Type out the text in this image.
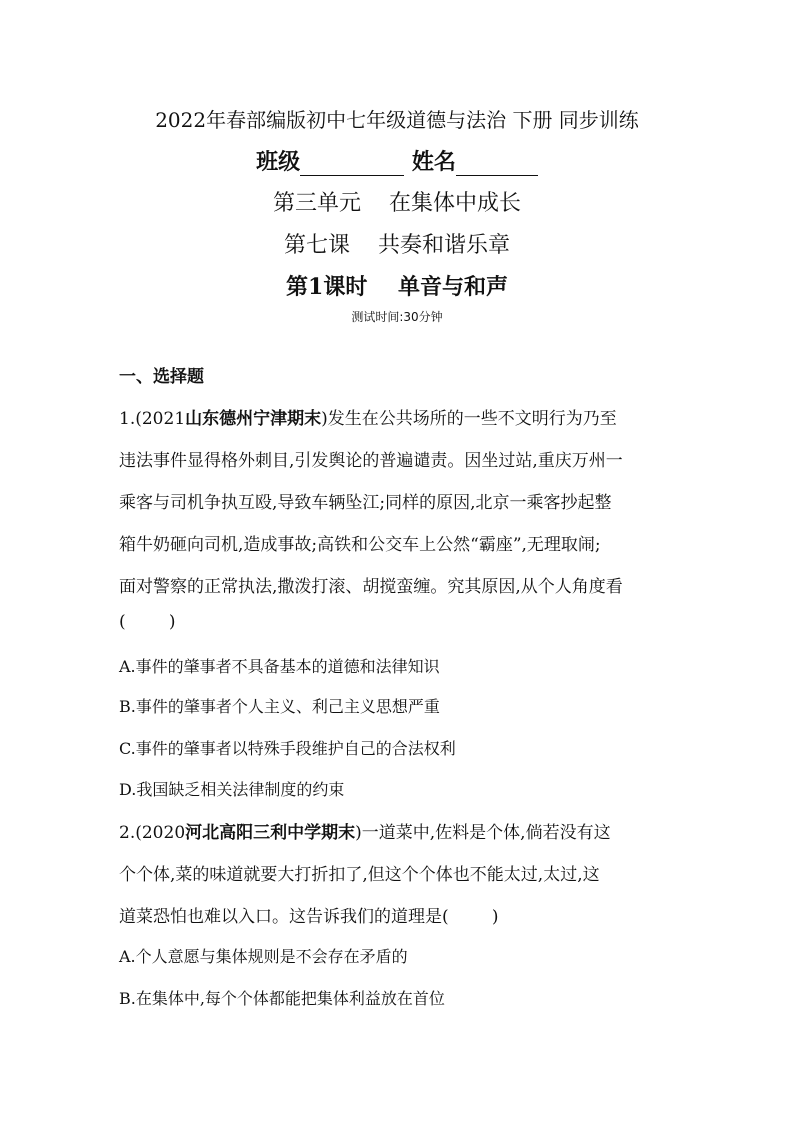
2022年春部编版初中七年级道德与法治 下册 同步训练
班级	姓名
第三单元    在集体中成长
第七课    共奏和谐乐章
第1课时    单音与和声
测试时间:30分钟
一、选择题
1.(2021山东德州宁津期末)发生在公共场所的一些不文明行为乃至
违法事件显得格外刺目,引发舆论的普遍谴责。因坐过站,重庆万州一
乘客与司机争执互殴,导致车辆坠江;同样的原因,北京一乘客抄起整
箱牛奶砸向司机,造成事故;高铁和公交车上公然“霸座”,无理取闹;
面对警察的正常执法,撒泼打滚、胡搅蛮缠。究其原因,从个人角度看
(        )
A.事件的肇事者不具备基本的道德和法律知识
B.事件的肇事者个人主义、利己主义思想严重
C.事件的肇事者以特殊手段维护自己的合法权利
D.我国缺乏相关法律制度的约束
2.(2020河北高阳三利中学期末)一道菜中,佐料是个体,倘若没有这
个个体,菜的味道就要大打折扣了,但这个个体也不能太过,太过,这
道菜恐怕也难以入口。这告诉我们的道理是(        )
A.个人意愿与集体规则是不会存在矛盾的
B.在集体中,每个个体都能把集体利益放在首位
